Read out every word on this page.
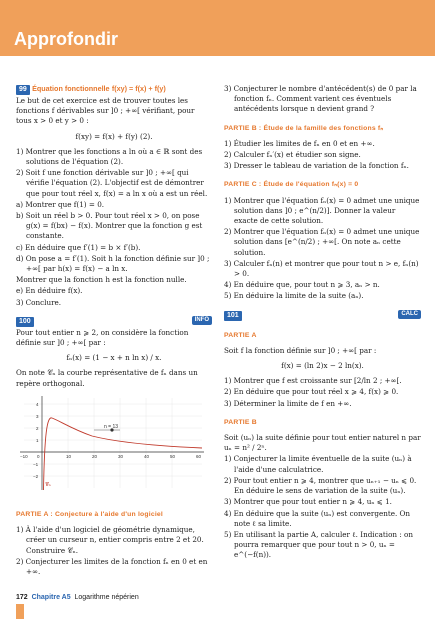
Approfondir

99 Équation fonctionnelle f(xy) = f(x) + f(y)

Le but de cet exercice est de trouver toutes les fonctions f dérivables sur ]0 ; +∞[ vérifiant, pour tous x > 0 et y > 0 :

f(xy) = f(x) + f(y) (2).

1) Montrer que les fonctions a ln où a ∈ ℝ sont des solutions de l'équation (2).

2) Soit f une fonction dérivable sur ]0 ; +∞[ qui vérifie l'équation (2). L'objectif est de démontrer que pour tout réel x, f(x) = a ln x où a est un réel.

a) Montrer que f(1) = 0.

b) Soit un réel b > 0. Pour tout réel x > 0, on pose g(x) = f(bx) − f(x). Montrer que la fonction g est constante.

c) En déduire que f′(1) = b × f′(b).

d) On pose a = f′(1). Soit h la fonction définie sur ]0 ; +∞[ par h(x) = f(x) − a ln x.

Montrer que la fonction h est la fonction nulle.

e) En déduire f(x).

3) Conclure.

100	INFO

Pour tout entier n ⩾ 2, on considère la fonction définie sur ]0 ; +∞[ par :

fₙ(x) = (1 − x + n ln x) / x.

On note 𝒞ₙ la courbe représentative de fₙ dans un repère orthogonal.

−10 0	10	20	30	40	50	60
4
3
2
1
−1
−2
n = 13
𝒞ₙ
PARTIE A : Conjecture à l'aide d'un logiciel

1) À l'aide d'un logiciel de géométrie dynamique, créer un curseur n, entier compris entre 2 et 20. Construire 𝒞ₙ.

2) Conjecturer les limites de la fonction fₙ en 0 et en +∞.

3) Conjecturer le nombre d'antécédent(s) de 0 par la fonction fₙ. Comment varient ces éventuels antécédents lorsque n devient grand ?

PARTIE B : Étude de la famille des fonctions fₙ

1) Étudier les limites de fₙ en 0 et en +∞.

2) Calculer fₙ′(x) et étudier son signe.

3) Dresser le tableau de variation de la fonction fₙ.

PARTIE C : Étude de l'équation fₙ(x) = 0

1) Montrer que l'équation fₙ(x) = 0 admet une unique solution dans ]0 ; e^(n/2)]. Donner la valeur exacte de cette solution.

2) Montrer que l'équation fₙ(x) = 0 admet une unique solution dans [e^(n/2) ; +∞[. On note aₙ cette solution.

3) Calculer fₙ(n) et montrer que pour tout n > e, fₙ(n) > 0.

4) En déduire que, pour tout n ⩾ 3, aₙ > n.

5) En déduire la limite de la suite (aₙ).

101	CALC
PARTIE A

Soit f la fonction définie sur ]0 ; +∞[ par :

f(x) = (ln 2)x − 2 ln(x).

1) Montrer que f est croissante sur [2/ln 2 ; +∞[.

2) En déduire que pour tout réel x ⩾ 4, f(x) ⩾ 0.

3) Déterminer la limite de f en +∞.

PARTIE B

Soit (uₙ) la suite définie pour tout entier naturel n par uₙ = n² / 2ⁿ.

1) Conjecturer la limite éventuelle de la suite (uₙ) à l'aide d'une calculatrice.

2) Pour tout entier n ⩾ 4, montrer que uₙ₊₁ − uₙ ⩽ 0. En déduire le sens de variation de la suite (uₙ).

3) Montrer que pour tout entier n ⩾ 4, uₙ ⩽ 1.

4) En déduire que la suite (uₙ) est convergente. On note ℓ sa limite.

5) En utilisant la partie A, calculer ℓ. Indication : on pourra remarquer que pour tout n > 0, uₙ = e^(−f(n)).

172 Chapitre A5 Logarithme népérien
